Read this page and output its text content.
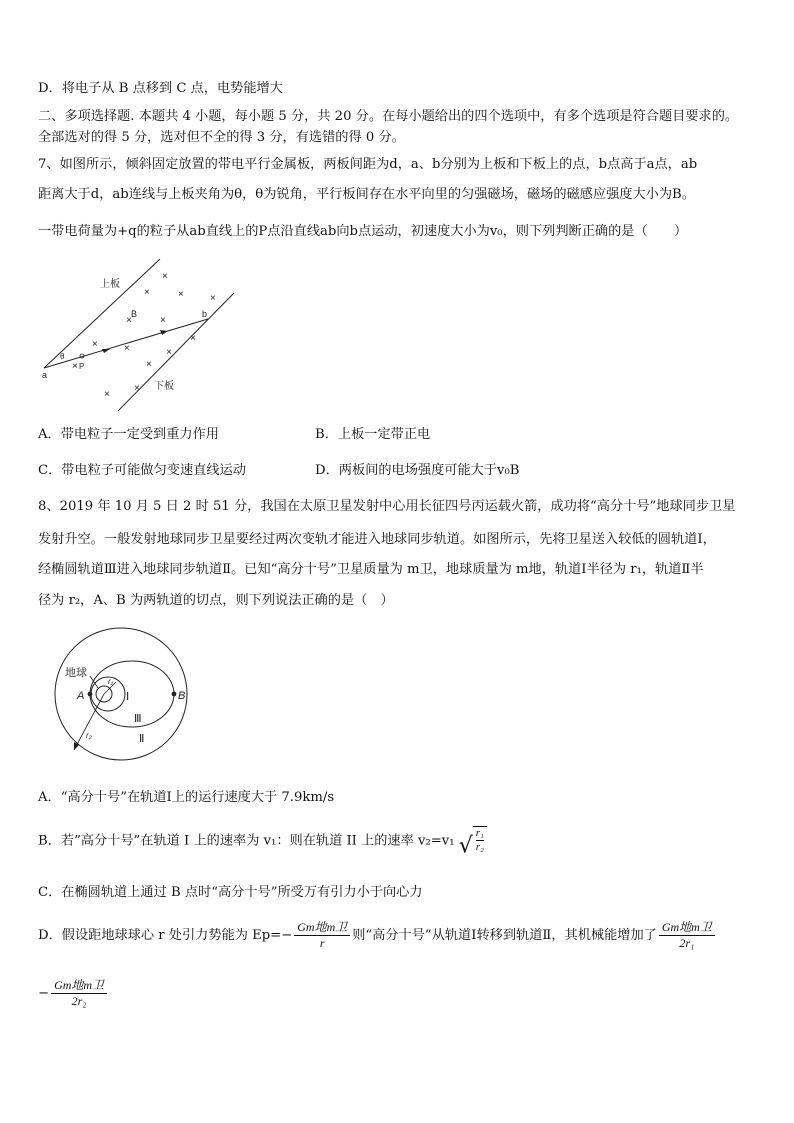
D．将电子从 B 点移到 C 点，电势能增大
二、多项选择题. 本题共 4 小题，每小题 5 分，共 20 分。在每小题给出的四个选项中，有多个选项是符合题目要求的。
全部选对的得 5 分，选对但不全的得 3 分，有选错的得 0 分。
7、如图所示，倾斜固定放置的带电平行金属板，两板间距为d，a、b分别为上板和下板上的点，b点高于a点，ab
距离大于d，ab连线与上板夹角为θ，θ为锐角，平行板间存在水平向里的匀强磁场，磁场的磁感应强度大小为B。
一带电荷量为+q的粒子从ab直线上的P点沿直线ab向b点运动，初速度大小为v₀，则下列判断正确的是（　　）
×
×	×	×
×	×
×	×
×
×	×
×
×
×
上板
下板
B
a
b
P
θ
A．带电粒子一定受到重力作用	B．上板一定带正电
C．带电粒子可能做匀变速直线运动	D．两板间的电场强度可能大于v₀B
8、2019 年 10 月 5 日 2 时 51 分，我国在太原卫星发射中心用长征四号丙运载火箭，成功将“高分十号”地球同步卫星
发射升空。一般发射地球同步卫星要经过两次变轨才能进入地球同步轨道。如图所示，先将卫星送入较低的圆轨道Ⅰ，
经椭圆轨道Ⅲ进入地球同步轨道Ⅱ。已知“高分十号”卫星质量为 m卫，地球质量为 m地，轨道Ⅰ半径为 r₁，轨道Ⅱ半
径为 r₂，A、B 为两轨道的切点，则下列说法正确的是（　）
地球
A	B
r₁
r₂
Ⅰ
Ⅲ
Ⅱ
A．“高分十号”在轨道Ⅰ上的运行速度大于 7.9km/s
B．若”高分十号”在轨道 I 上的速率为 v₁：则在轨道 II 上的速率 v₂=v₁ √ $\frac{\text{r₁}}{\text{r₂}}$
C．在椭圆轨道上通过 B 点时“高分十号”所受万有引力小于向心力
D．假设距地球球心 r 处引力势能为 $Ep=- \frac{\text{Gm地m卫}}{r}$ 则“高分十号”从轨道Ⅰ转移到轨道Ⅱ，其机械能增加了 $\frac{\text{Gm地m卫}}{\text{2r₁}}$
− $\frac{\text{Gm地m卫}}{\text{2r₂}}$
